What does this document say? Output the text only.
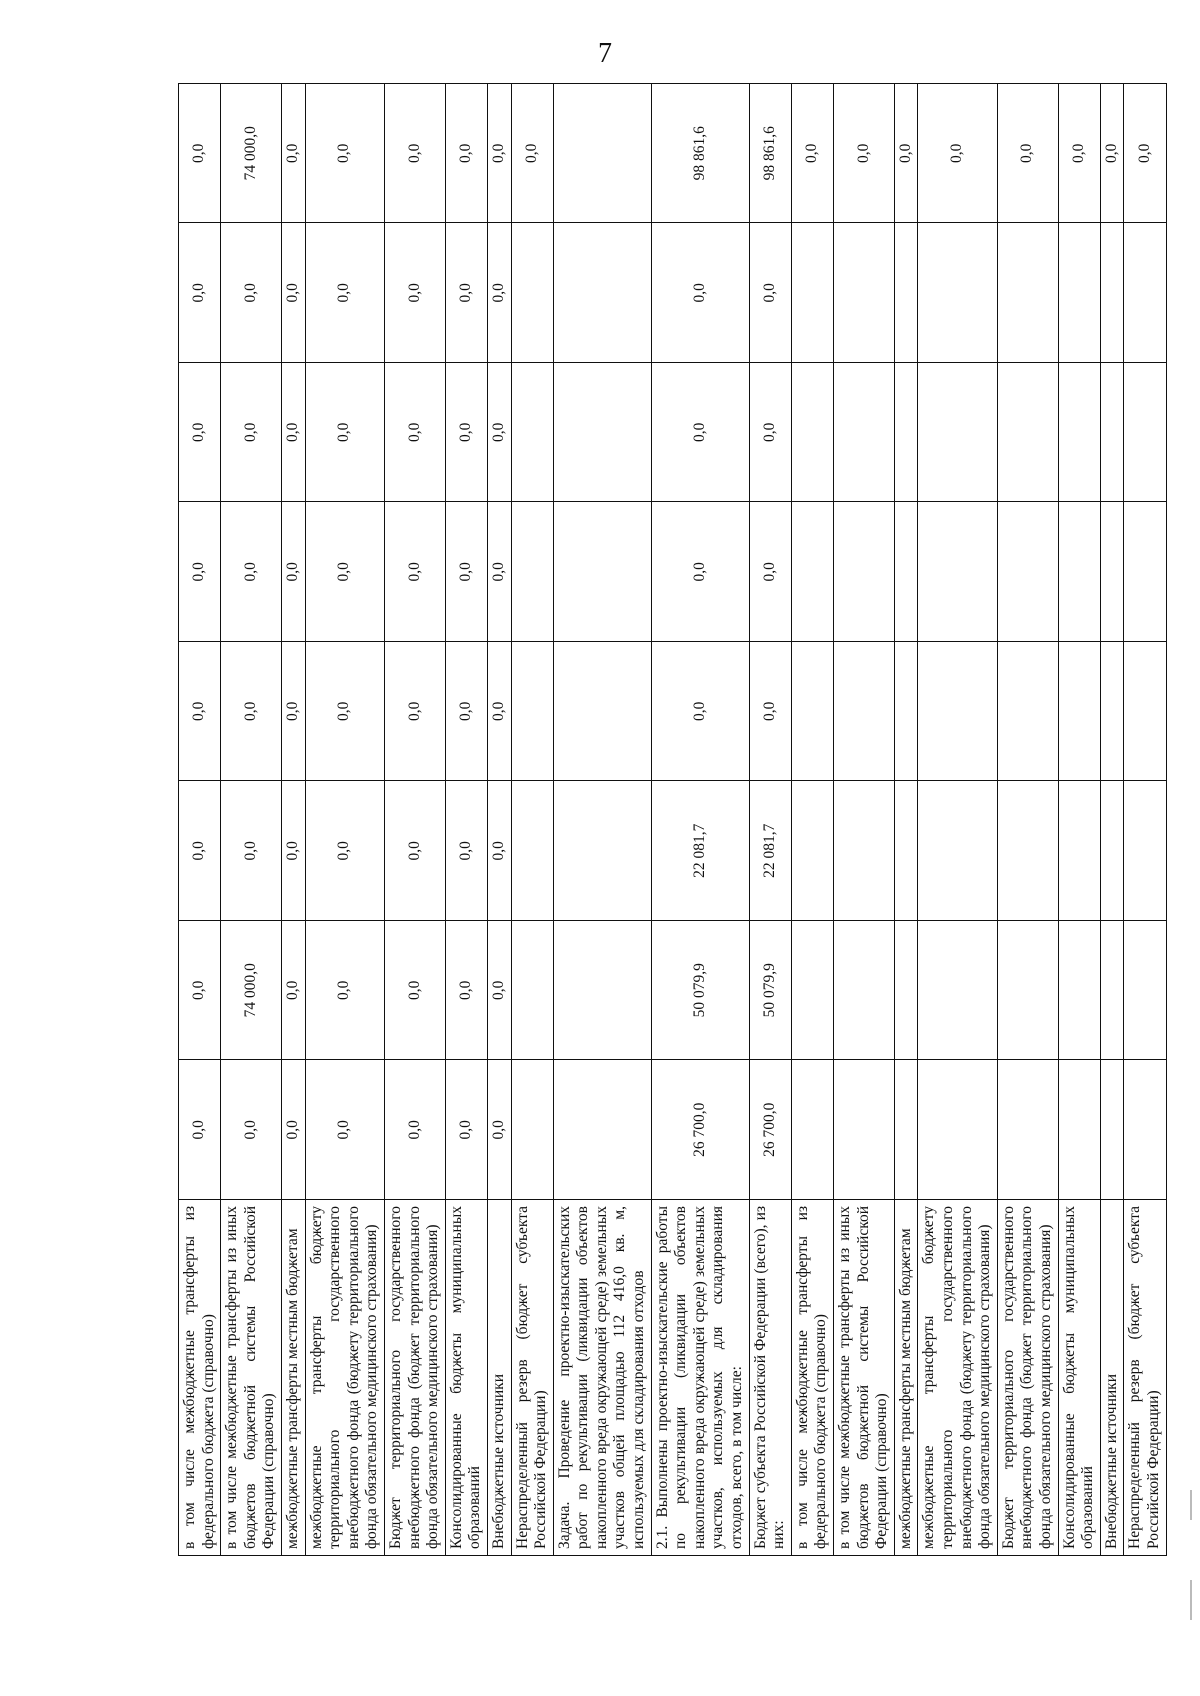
7
в том числе межбюджетные трансферты из федерального бюджета (справочно)	0,0	0,0	0,0	0,0	0,0	0,0	0,0	0,0
в том числе межбюджетные трансферты из иных бюджетов бюджетной системы Российской Федерации (справочно)	0,0	74 000,0	0,0	0,0	0,0	0,0	0,0	74 000,0
межбюджетные трансферты местным бюджетам	0,0	0,0	0,0	0,0	0,0	0,0	0,0	0,0
межбюджетные трансферты бюджету территориального государственного внебюджетного фонда (бюджету территориального фонда обязательного медицинского страхования)	0,0	0,0	0,0	0,0	0,0	0,0	0,0	0,0
Бюджет территориального государственного внебюджетного фонда (бюджет территориального фонда обязательного медицинского страхования)	0,0	0,0	0,0	0,0	0,0	0,0	0,0	0,0
Консолидированные бюджеты муниципальных образований	0,0	0,0	0,0	0,0	0,0	0,0	0,0	0,0
Внебюджетные источники	0,0	0,0	0,0	0,0	0,0	0,0	0,0	0,0
Нераспределенный резерв (бюджет субъекта Российской Федерации)								0,0
Задача. Проведение проектно-изыскательских работ по рекультивации (ликвидации объектов накопленного вреда окружающей среде) земельных участков общей площадью 112 416,0 кв. м, используемых для складирования отходов								
2.1. Выполнены проектно-изыскательские работы по рекультивации (ликвидации объектов накопленного вреда окружающей среде) земельных участков, используемых для складирования отходов, всего, в том числе:	26 700,0	50 079,9	22 081,7	0,0	0,0	0,0	0,0	98 861,6
Бюджет субъекта Российской Федерации (всего), из них:	26 700,0	50 079,9	22 081,7	0,0	0,0	0,0	0,0	98 861,6
в том числе межбюджетные трансферты из федерального бюджета (справочно)								0,0
в том числе межбюджетные трансферты из иных бюджетов бюджетной системы Российской Федерации (справочно)								0,0
межбюджетные трансферты местным бюджетам								0,0
межбюджетные трансферты бюджету территориального государственного внебюджетного фонда (бюджету территориального фонда обязательного медицинского страхования)								0,0
Бюджет территориального государственного внебюджетного фонда (бюджет территориального фонда обязательного медицинского страхования)								0,0
Консолидированные бюджеты муниципальных образований								0,0
Внебюджетные источники								0,0
Нераспределенный резерв (бюджет субъекта Российской Федерации)								0,0
